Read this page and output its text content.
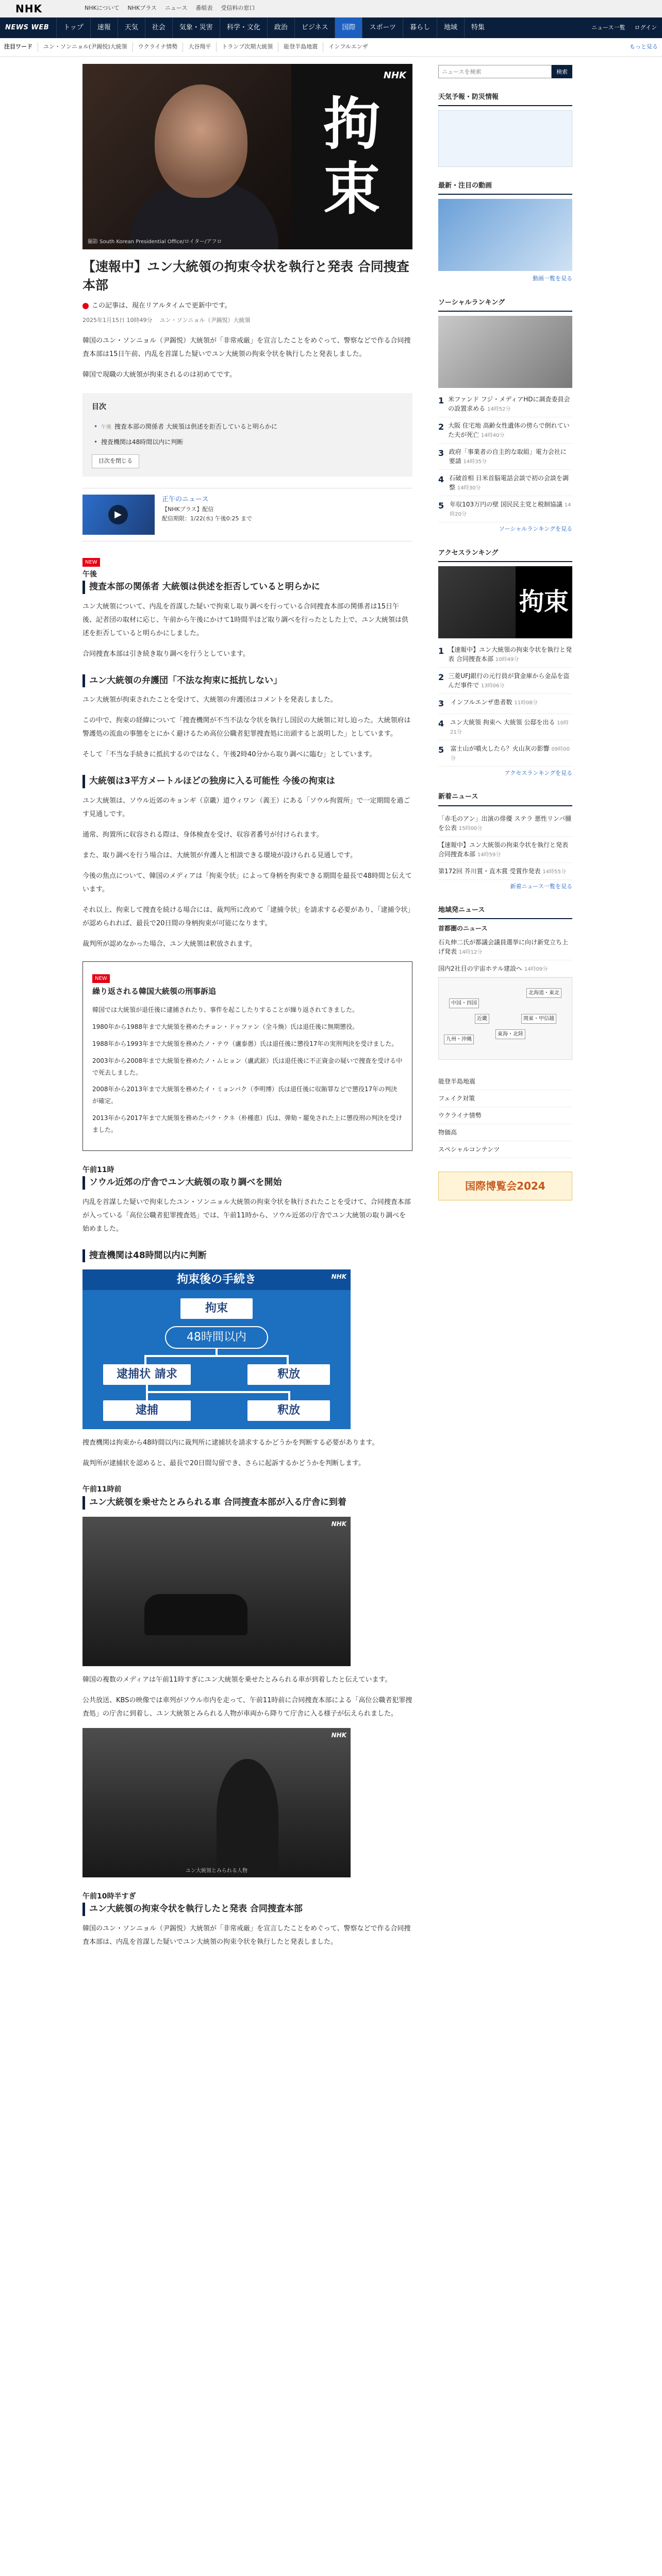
NHK	NHKについて NHKプラス ニュース 番組表 受信料の窓口
NEWS WEB	トップ	速報	天気	社会	気象・災害	科学・文化	政治	ビジネス	国際	スポーツ	暮らし	地域	特集	ニュース一覧 ログイン
注目ワード	ユン・ソンニョル(尹錫悦)大統領	ウクライナ情勢	大谷翔平	トランプ次期大統領	能登半島地震	インフルエンザ	もっと見る
拘
束
NHK
撮影 South Korean Presidential Office/ロイター/アフロ
【速報中】ユン大統領の拘束令状を執行と発表 合同捜査本部
この記事は、現在リアルタイムで更新中です。
2025年1月15日 10時49分 ユン・ソンニョル（尹錫悦）大統領

韓国のユン・ソンニョル（尹錫悦）大統領が「非常戒厳」を宣言したことをめぐって、警察などで作る合同捜査本部は15日午前、内乱を首謀した疑いでユン大統領の拘束令状を執行したと発表しました。

韓国で現職の大統領が拘束されるのは初めてです。

目次
• 午後 捜査本部の関係者 大統領は供述を拒否していると明らかに
• 捜査機関は48時間以内に判断
目次を閉じる
▶
正午のニュース
【NHKプラス】配信
配信期限：1/22(水) 午後0:25 まで
NEW
午後
捜査本部の関係者 大統領は供述を拒否していると明らかに

ユン大統領について、内乱を首謀した疑いで拘束し取り調べを行っている合同捜査本部の関係者は15日午後、記者団の取材に応じ、午前から午後にかけて1時間半ほど取り調べを行ったとした上で、ユン大統領は供述を拒否していると明らかにしました。

合同捜査本部は引き続き取り調べを行うとしています。

ユン大統領の弁護団「不法な拘束に抵抗しない」

ユン大統領が拘束されたことを受けて、大統領の弁護団はコメントを発表しました。

この中で、拘束の経緯について「捜査機関が不当不法な令状を執行し国民の大統領に対し迫った。大統領府は警護処の流血の事態をとにかく避けるため高位公職者犯罪捜査処に出頭すると説明した」としています。

そして「不当な手続きに抵抗するのではなく、午後2時40分から取り調べに臨む」としています。

大統領は3平方メートルほどの独房に入る可能性 今後の拘束は

ユン大統領は、ソウル近郊のキョンギ（京畿）道ウィワン（義王）にある「ソウル拘置所」で一定期間を過ごす見通しです。

通常、拘置所に収容される際は、身体検査を受け、収容者番号が付けられます。

また、取り調べを行う場合は、大統領が弁護人と相談できる環境が設けられる見通しです。

今後の焦点について、韓国のメディアは「拘束令状」によって身柄を拘束できる期間を最長で48時間と伝えています。

それ以上、拘束して捜査を続ける場合には、裁判所に改めて「逮捕令状」を請求する必要があり、「逮捕令状」が認められれば、最長で20日間の身柄拘束が可能になります。

裁判所が認めなかった場合、ユン大統領は釈放されます。

NEW
繰り返される韓国大統領の刑事訴追

韓国では大統領が退任後に逮捕されたり、事件を起こしたりすることが繰り返されてきました。

1980年から1988年まで大統領を務めたチョン・ドゥファン（全斗煥）氏は退任後に無期懲役。

1988年から1993年まで大統領を務めたノ・テウ（盧泰愚）氏は退任後に懲役17年の実刑判決を受けました。

2003年から2008年まで大統領を務めたノ・ムヒョン（盧武鉉）氏は退任後に不正資金の疑いで捜査を受ける中で死去しました。

2008年から2013年まで大統領を務めたイ・ミョンバク（李明博）氏は退任後に収賄罪などで懲役17年の判決が確定。

2013年から2017年まで大統領を務めたパク・クネ（朴槿恵）氏は、弾劾・罷免された上に懲役刑の判決を受けました。

午前11時
ソウル近郊の庁舎でユン大統領の取り調べを開始

内乱を首謀した疑いで拘束したユン・ソンニョル大統領の拘束令状を執行されたことを受けて、合同捜査本部が入っている「高位公職者犯罪捜査処」では、午前11時から、ソウル近郊の庁舎でユン大統領の取り調べを始めました。

捜査機関は48時間以内に判断
拘束後の手続き	NHK
拘束
48時間以内
逮捕状 請求	釈放
逮捕	釈放

捜査機関は拘束から48時間以内に裁判所に逮捕状を請求するかどうかを判断する必要があります。

裁判所が逮捕状を認めると、最長で20日間勾留でき、さらに起訴するかどうかを判断します。

午前11時前
ユン大統領を乗せたとみられる車 合同捜査本部が入る庁舎に到着
NHK

韓国の複数のメディアは午前11時すぎにユン大統領を乗せたとみられる車が到着したと伝えています。

公共放送、KBSの映像では車列がソウル市内を走って、午前11時前に合同捜査本部による「高位公職者犯罪捜査処」の庁舎に到着し、ユン大統領とみられる人物が車両から降りて庁舎に入る様子が伝えられました。

NHK
ユン大統領とみられる人物
午前10時半すぎ
ユン大統領の拘束令状を執行したと発表 合同捜査本部

韓国のユン・ソンニョル（尹錫悦）大統領が「非常戒厳」を宣言したことをめぐって、警察などで作る合同捜査本部は、内乱を首謀した疑いでユン大統領の拘束令状を執行したと発表しました。

ニュースを検索
検索
天気予報・防災情報
最新・注目の動画
動画一覧を見る
ソーシャルランキング
1 米ファンド フジ・メディアHDに調査委員会の設置求める 14時52分
2 大阪 住宅地 高齢女性遺体の傍らで倒れていた夫が死亡 14時40分
3 政府「事業者の自主的な取組」電力会社に要請 14時35分
4 石破首相 日米首脳電話会談で初の会談を調整 14時30分
5 年収103万円の壁 国民民主党と税制協議 14時20分
ソーシャルランキングを見る
アクセスランキング
拘束
1 【速報中】ユン大統領の拘束令状を執行と発表 合同捜査本部 10時49分
2 三菱UFJ銀行の元行員が貸金庫から金品を盗んだ事件で 13時06分
3	インフルエンザ患者数 11時08分
4 ユン大統領 拘束へ 大統領 公邸を出る 10時21分
5	富士山が噴火したら？火山灰の影響 09時00分
アクセスランキングを見る
新着ニュース
「赤毛のアン」出演の俳優 ステラ 悪性リンパ腫を公表 15時00分
【速報中】ユン大統領の拘束令状を執行と発表 合同捜査本部 14時59分
第172回 芥川賞・直木賞 受賞作発表 14時55分
新着ニュース一覧を見る
地域発ニュース
首都圏のニュース
石丸伸二氏が都議会議員選挙に向け新党立ち上げ発表 14時12分
国内2社目の宇宙ホテル建設へ 14時09分
北海道・東北
関東・甲信越
東海・北陸
近畿
中国・四国
九州・沖縄
能登半島地震
フェイク対策
ウクライナ情勢
物価高
スペシャルコンテンツ
国際博覧会2024
